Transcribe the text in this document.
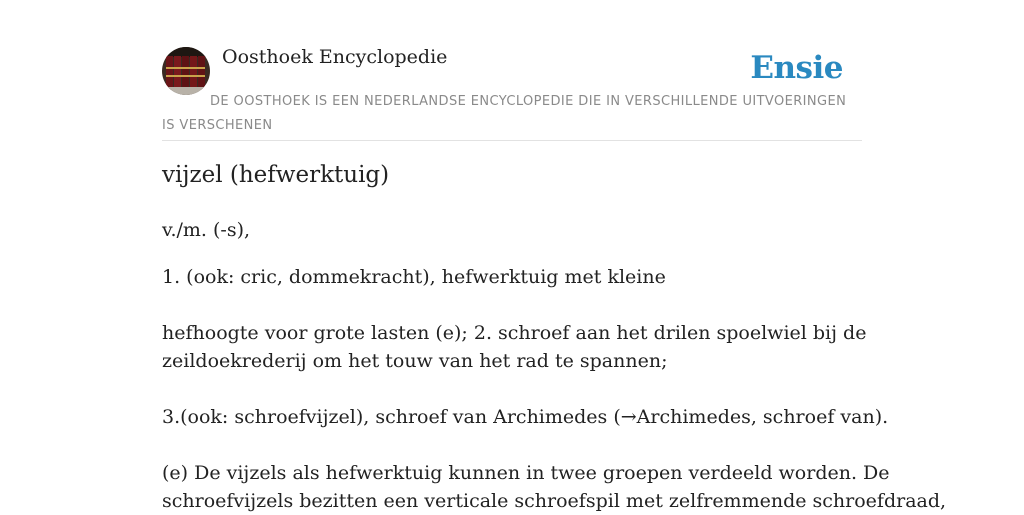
Oosthoek Encyclopedie	Ensie
DE OOSTHOEK IS EEN NEDERLANDSE ENCYCLOPEDIE DIE IN VERSCHILLENDE UITVOERINGEN IS VERSCHENEN
vijzel (hefwerktuig)

v./m. (-s),

1. (ook: cric, dommekracht), hefwerktuig met kleine

hefhoogte voor grote lasten (e); 2. schroef aan het drilen spoelwiel bij de

zeildoekrederij om het touw van het rad te spannen;

3.(ook: schroefvijzel), schroef van Archimedes (→Archimedes, schroef van).

(e) De vijzels als hefwerktuig kunnen in twee groepen verdeeld worden. De

schroefvijzels bezitten een verticale schroefspil met zelfremmende schroefdraad,
